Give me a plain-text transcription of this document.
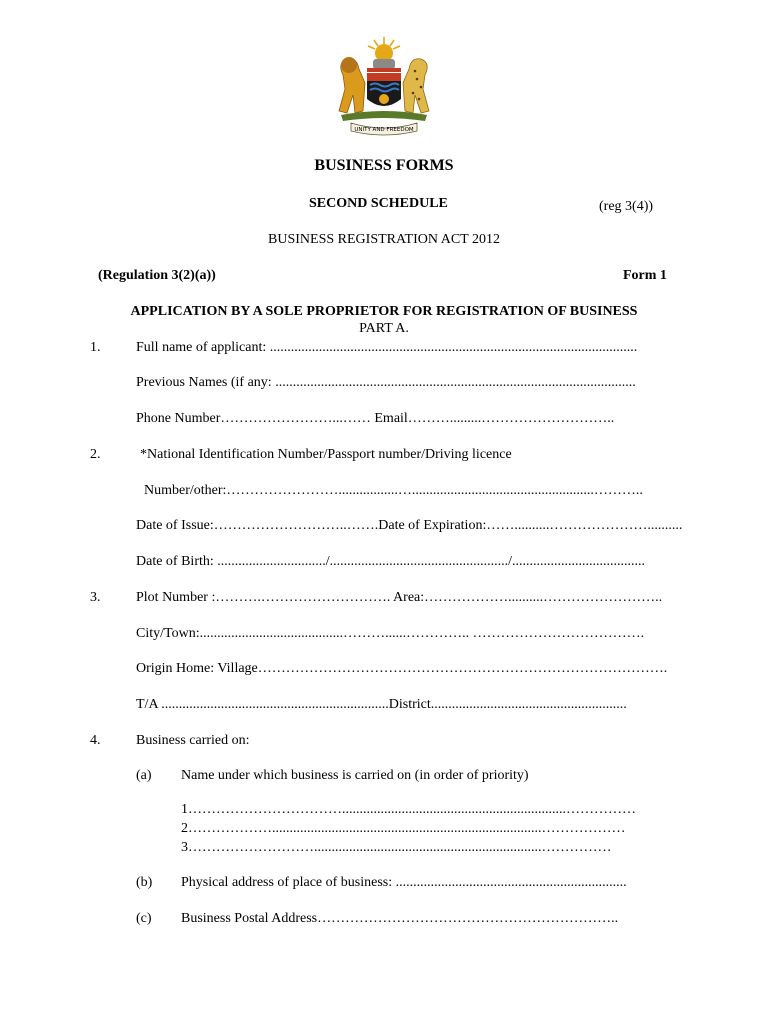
UNITY AND FREEDOM
BUSINESS FORMS
SECOND SCHEDULE	(reg 3(4))
BUSINESS REGISTRATION ACT 2012
(Regulation 3(2)(a))	Form 1
APPLICATION BY A SOLE PROPRIETOR FOR REGISTRATION OF BUSINESS
PART A.
1.	Full name of applicant: .........................................................................................................
Previous Names (if any: .......................................................................................................
Phone Number……………………...…… Email……….........………………………..
2.	*National Identification Number/Passport number/Driving licence
Number/other:…………………….................…....................................................………..
Date of Issue:………………………..…….Date of Expiration:……..........…………………..........
Date of Birth: .............................../.................................................../......................................
3.	Plot Number :……….………………………. Area:………………..........……………………..
City/Town:.........................................………......………….. ……………………………….
Origin Home: Village…………………………………………………………………………….
T/A .................................................................District........................................................
4.	Business carried on:
(a) Name under which business is carried on (in order of priority)
1……………………………................................................................……………
2……………….............................................................................………………
3……………………….................................................................……………
(b) Physical address of place of business: ..................................................................
(c) Business Postal Address………………………………………………………..
